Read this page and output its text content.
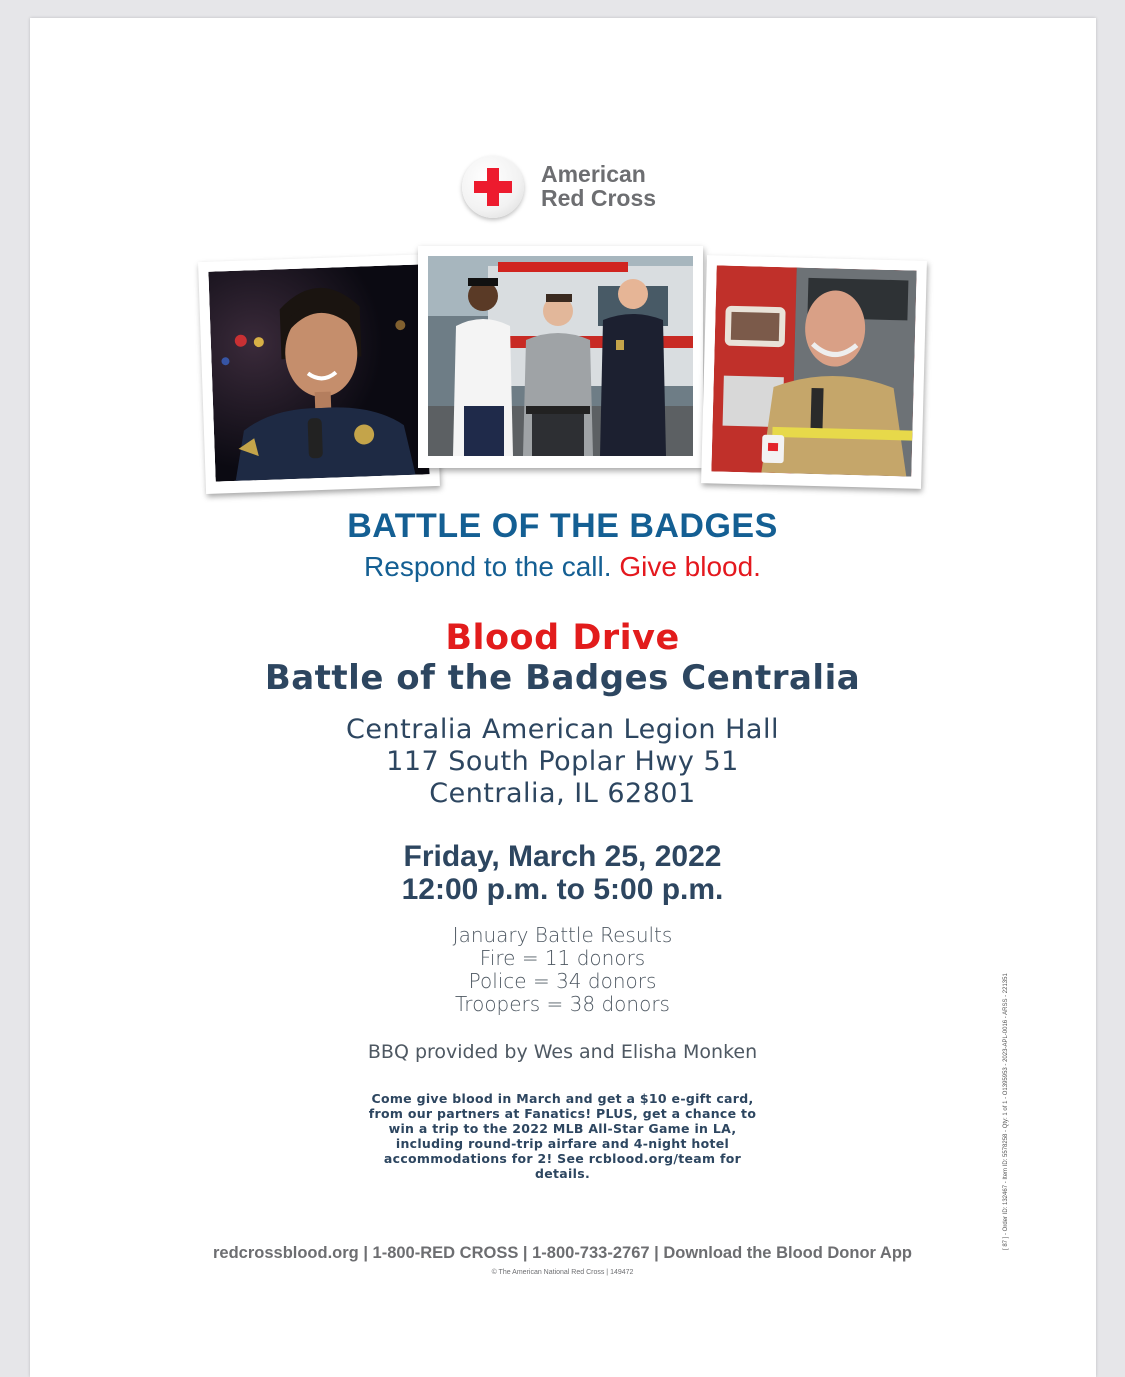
American
Red Cross
BATTLE OF THE BADGES
Respond to the call. Give blood.
Blood Drive
Battle of the Badges Centralia
Centralia American Legion Hall
117 South Poplar Hwy 51
Centralia, IL 62801
Friday, March 25, 2022
12:00 p.m. to 5:00 p.m.
January Battle Results
Fire = 11 donors
Police = 34 donors
Troopers = 38 donors
BBQ provided by Wes and Elisha Monken
Come give blood in March and get a $10 e-gift card, from our partners at Fanatics! PLUS, get a chance to win a trip to the 2022 MLB All-Star Game in LA, including round-trip airfare and 4-night hotel accommodations for 2! See rcblood.org/team for details.
redcrossblood.org | 1-800-RED CROSS | 1-800-733-2767 | Download the Blood Donor App
© The American National Red Cross | 149472
[ 87 ] - Order ID: 132467 - Item ID: 5578258 - Qty: 1 of 1 - O1395953 - 2023-APL-0016 - ARSS - 221351
